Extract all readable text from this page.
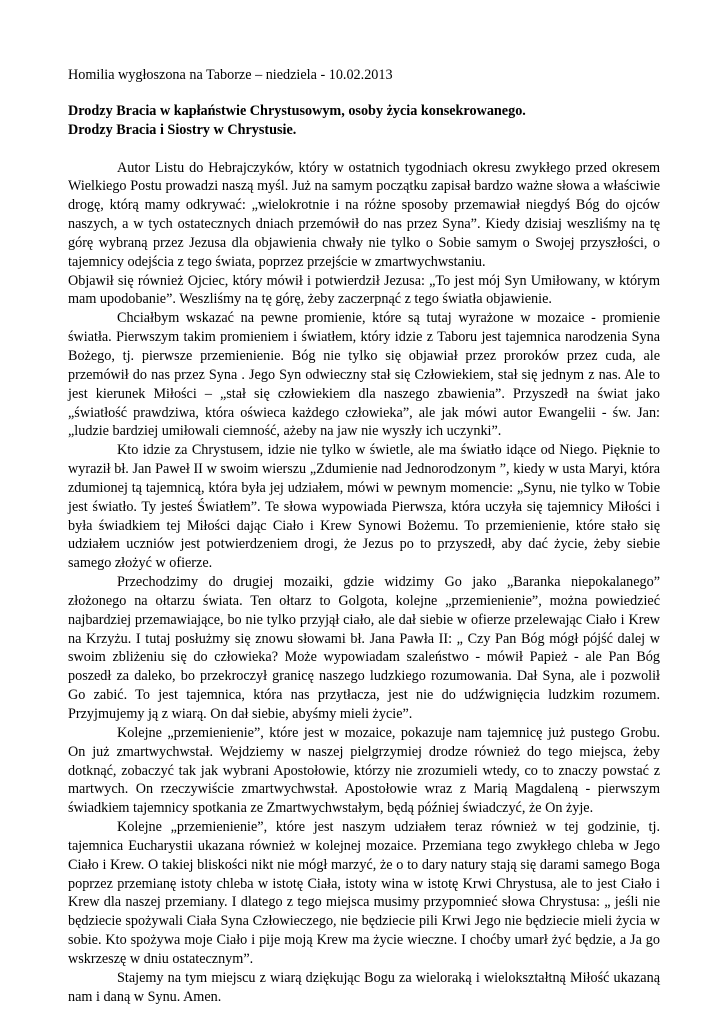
Homilia wygłoszona na Taborze – niedziela - 10.02.2013

Drodzy Bracia w kapłaństwie Chrystusowym, osoby życia konsekrowanego.

Drodzy Bracia i Siostry w Chrystusie.

Autor Listu do Hebrajczyków, który w ostatnich tygodniach okresu zwykłego przed okresem Wielkiego Postu prowadzi naszą myśl. Już na samym początku zapisał bardzo ważne słowa a właściwie drogę, którą mamy odkrywać: „wielokrotnie i na różne sposoby przemawiał niegdyś Bóg do ojców naszych, a w tych ostatecznych dniach przemówił do nas przez Syna”. Kiedy dzisiaj weszliśmy na tę górę wybraną przez Jezusa dla objawienia chwały nie tylko o Sobie samym o Swojej przyszłości, o tajemnicy odejścia z tego świata, poprzez przejście w zmartwychwstaniu.

Objawił się również Ojciec, który mówił i potwierdził Jezusa: „To jest mój Syn Umiłowany, w którym mam upodobanie”. Weszliśmy na tę górę, żeby zaczerpnąć z tego światła objawienie.

Chciałbym wskazać na pewne promienie, które są tutaj wyrażone w mozaice - promienie światła. Pierwszym takim promieniem i światłem, który idzie z Taboru jest tajemnica narodzenia Syna Bożego, tj. pierwsze przemienienie. Bóg nie tylko się objawiał przez proroków przez cuda, ale przemówił do nas przez Syna . Jego Syn odwieczny stał się Człowiekiem, stał się jednym z nas. Ale to jest kierunek Miłości – „stał się człowiekiem dla naszego zbawienia”. Przyszedł na świat jako „światłość prawdziwa, która oświeca każdego człowieka”, ale jak mówi autor Ewangelii - św. Jan: „ludzie bardziej umiłowali ciemność, ażeby na jaw nie wyszły ich uczynki”.

Kto idzie za Chrystusem, idzie nie tylko w świetle, ale ma światło idące od Niego. Pięknie to wyraził bł. Jan Paweł II w swoim wierszu „Zdumienie nad Jednorodzonym ”, kiedy w usta Maryi, która zdumionej tą tajemnicą, która była jej udziałem, mówi w pewnym momencie: „Synu, nie tylko w Tobie jest światło. Ty jesteś Światłem”. Te słowa wypowiada Pierwsza, która uczyła się tajemnicy Miłości i była świadkiem tej Miłości dając Ciało i Krew Synowi Bożemu. To przemienienie, które stało się udziałem uczniów jest potwierdzeniem drogi, że Jezus po to przyszedł, aby dać życie, żeby siebie samego złożyć w ofierze.

Przechodzimy do drugiej mozaiki, gdzie widzimy Go jako „Baranka niepokalanego” złożonego na ołtarzu świata. Ten ołtarz to Golgota, kolejne „przemienienie”, można powiedzieć najbardziej przemawiające, bo nie tylko przyjął ciało, ale dał siebie w ofierze przelewając Ciało i Krew na Krzyżu. I tutaj posłużmy się znowu słowami bł. Jana Pawła II: „ Czy Pan Bóg mógł pójść dalej w swoim zbliżeniu się do człowieka? Może wypowiadam szaleństwo - mówił Papież - ale Pan Bóg poszedł za daleko, bo przekroczył granicę naszego ludzkiego rozumowania. Dał Syna, ale i pozwolił Go zabić. To jest tajemnica, która nas przytłacza, jest nie do udźwignięcia ludzkim rozumem. Przyjmujemy ją z wiarą. On dał siebie, abyśmy mieli życie”.

Kolejne „przemienienie”, które jest w mozaice, pokazuje nam tajemnicę już pustego Grobu. On już zmartwychwstał. Wejdziemy w naszej pielgrzymiej drodze również do tego miejsca, żeby dotknąć, zobaczyć tak jak wybrani Apostołowie, którzy nie zrozumieli wtedy, co to znaczy powstać z martwych. On rzeczywiście zmartwychwstał. Apostołowie wraz z Marią Magdaleną - pierwszym świadkiem tajemnicy spotkania ze Zmartwychwstałym, będą później świadczyć, że On żyje.

Kolejne „przemienienie”, które jest naszym udziałem teraz również w tej godzinie, tj. tajemnica Eucharystii ukazana również w kolejnej mozaice. Przemiana tego zwykłego chleba w Jego Ciało i Krew. O takiej bliskości nikt nie mógł marzyć, że o to dary natury stają się darami samego Boga poprzez przemianę istoty chleba w istotę Ciała, istoty wina w istotę Krwi Chrystusa, ale to jest Ciało i Krew dla naszej przemiany. I dlatego z tego miejsca musimy przypomnieć słowa Chrystusa: „ jeśli nie będziecie spożywali Ciała Syna Człowieczego, nie będziecie pili Krwi Jego nie będziecie mieli życia w sobie. Kto spożywa moje Ciało i pije moją Krew ma życie wieczne. I choćby umarł żyć będzie, a Ja go wskrzeszę w dniu ostatecznym”.

Stajemy na tym miejscu z wiarą dziękując Bogu za wieloraką i wielokształtną Miłość ukazaną nam i daną w Synu. Amen.
